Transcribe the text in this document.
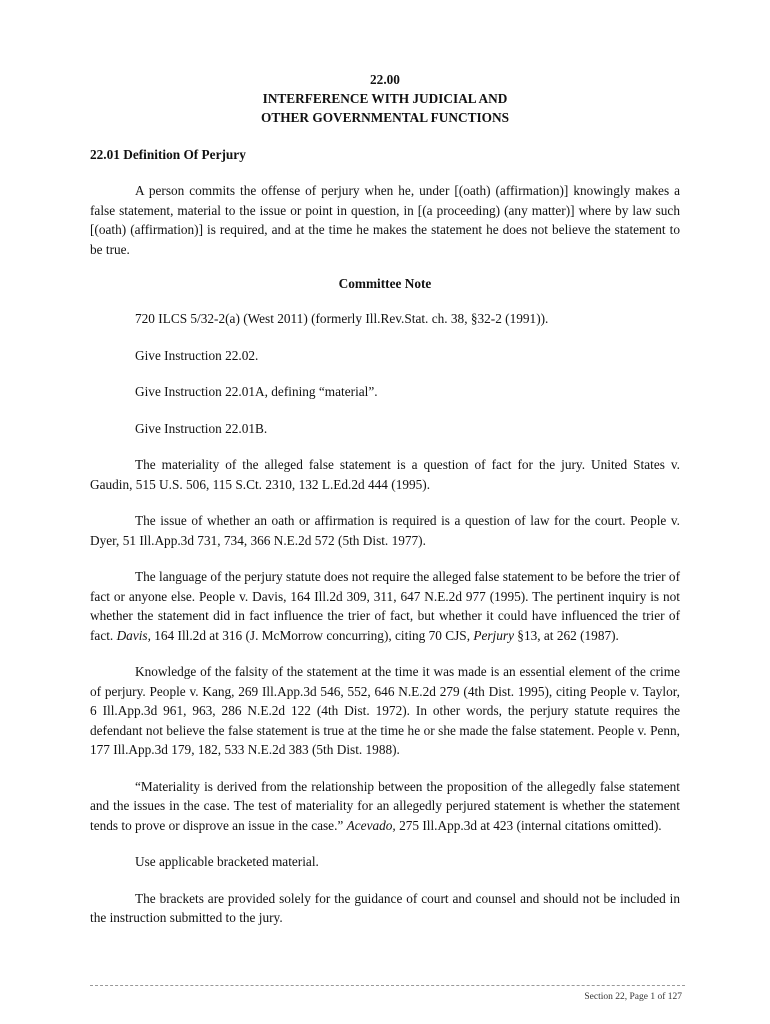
22.00
INTERFERENCE WITH JUDICIAL AND
OTHER GOVERNMENTAL FUNCTIONS
22.01 Definition Of Perjury

A person commits the offense of perjury when he, under [(oath) (affirmation)] knowingly makes a false statement, material to the issue or point in question, in [(a proceeding) (any matter)] where by law such [(oath) (affirmation)] is required, and at the time he makes the statement he does not believe the statement to be true.

Committee Note

720 ILCS 5/32-2(a) (West 2011) (formerly Ill.Rev.Stat. ch. 38, §32-2 (1991)).

Give Instruction 22.02.

Give Instruction 22.01A, defining “material”.

Give Instruction 22.01B.

The materiality of the alleged false statement is a question of fact for the jury. United States v. Gaudin, 515 U.S. 506, 115 S.Ct. 2310, 132 L.Ed.2d 444 (1995).

The issue of whether an oath or affirmation is required is a question of law for the court. People v. Dyer, 51 Ill.App.3d 731, 734, 366 N.E.2d 572 (5th Dist. 1977).

The language of the perjury statute does not require the alleged false statement to be before the trier of fact or anyone else. People v. Davis, 164 Ill.2d 309, 311, 647 N.E.2d 977 (1995). The pertinent inquiry is not whether the statement did in fact influence the trier of fact, but whether it could have influenced the trier of fact. Davis, 164 Ill.2d at 316 (J. McMorrow concurring), citing 70 CJS, Perjury §13, at 262 (1987).

Knowledge of the falsity of the statement at the time it was made is an essential element of the crime of perjury. People v. Kang, 269 Ill.App.3d 546, 552, 646 N.E.2d 279 (4th Dist. 1995), citing People v. Taylor, 6 Ill.App.3d 961, 963, 286 N.E.2d 122 (4th Dist. 1972). In other words, the perjury statute requires the defendant not believe the false statement is true at the time he or she made the false statement. People v. Penn, 177 Ill.App.3d 179, 182, 533 N.E.2d 383 (5th Dist. 1988).

“Materiality is derived from the relationship between the proposition of the allegedly false statement and the issues in the case. The test of materiality for an allegedly perjured statement is whether the statement tends to prove or disprove an issue in the case.” Acevado, 275 Ill.App.3d at 423 (internal citations omitted).

Use applicable bracketed material.

The brackets are provided solely for the guidance of court and counsel and should not be included in the instruction submitted to the jury.

Section 22, Page 1 of 127
